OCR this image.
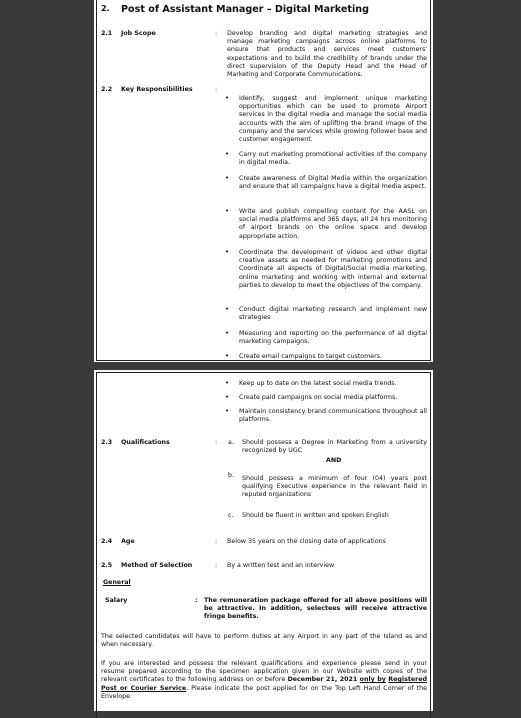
2. Post of Assistant Manager – Digital Marketing
2.1 Job Scope	: Develop branding and digital marketing strategies and manage marketing campaigns across online platforms to ensure that products and services meet customers' expectations and to build the credibility of brands under the direct supervision of the Deputy Head and the Head of Marketing and Corporate Communications.
2.2 Key Responsibilities	:
• Identify, suggest and implement unique marketing opportunities which can be used to promote Airport services in the digital media and manage the social media accounts with the aim of uplifting the brand image of the company and the services while growing follower base and customer engagement.
• Carry out marketing promotional activities of the company in digital media.
• Create awareness of Digital Media within the organization and ensure that all campaigns have a digital media aspect.
• Write and publish compelling content for the AASL on social media platforms and 365 days, all 24 hrs monitoring of airport brands on the online space and develop appropriate action.
• Coordinate the development of videos and other digital creative assets as needed for marketing promotions and Coordinate all aspects of Digital/Social media marketing, online marketing and working with internal and external parties to develop to meet the objectives of the company.
• Conduct digital marketing research and implement new strategies
• Measuring and reporting on the performance of all digital marketing campaigns.
• Create email campaigns to target customers.
• Keep up to date on the latest social media trends.
• Create paid campaigns on social media platforms.
• Maintain consistency brand communications throughout all platforms.
2.3 Qualifications	: a. Should possess a Degree in Marketing from a university recognized by UGC
AND
b. Should possess a minimum of four (04) years post qualifying Executive experience in the relevant field in reputed organizations
c. Should be fluent in written and spoken English
2.4 Age	: Below 35 years on the closing date of applications
2.5 Method of Selection	: By a written test and an interview
General
Salary	: The remuneration package offered for all above positions will be attractive. In addition, selectees will receive attractive fringe benefits.
The selected candidates will have to perform duties at any Airport in any part of the Island as and when necessary.
If you are interested and possess the relevant qualifications and experience please send in your resume prepared according to the specimen application given in our Website with copies of the relevant certificates to the following address on or before December 21, 2021 only by Registered Post or Courier Service. Please indicate the post applied for on the Top Left Hand Corner of the Envelope.
